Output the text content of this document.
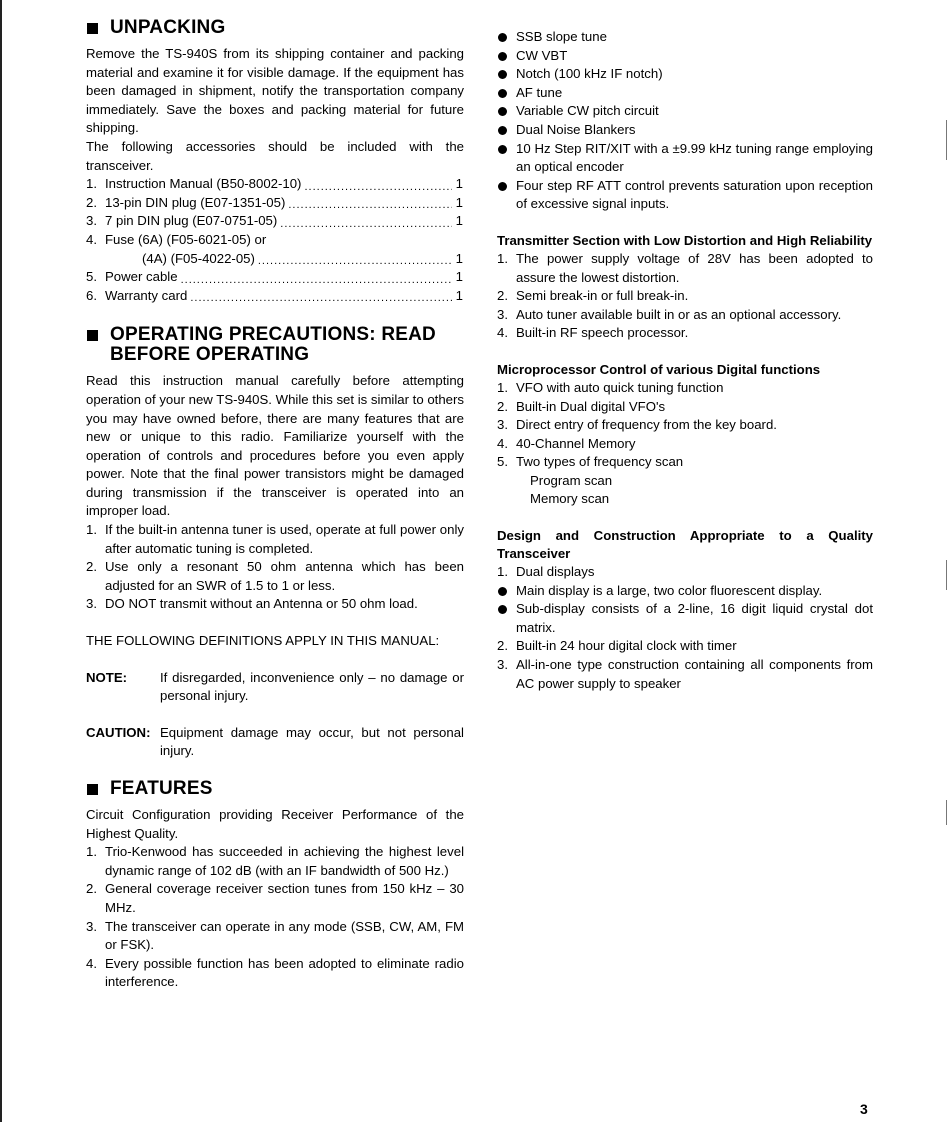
UNPACKING

Remove the TS-940S from its shipping container and packing material and examine it for visible damage. If the equipment has been damaged in shipment, notify the transportation company immediately. Save the boxes and packing material for future shipping.

The following accessories should be included with the transceiver.

1. Instruction Manual (B50-8002-10) .....	1
2. 13-pin DIN plug (E07-1351-05) .....	1
3. 7 pin DIN plug (E07-0751-05) .....	1
4. Fuse (6A) (F05-6021-05) or
(4A) (F05-4022-05) .....	1
5. Power cable .....	1
6. Warranty card .....	1
OPERATING PRECAUTIONS: READ
BEFORE OPERATING

Read this instruction manual carefully before attempting operation of your new TS-940S. While this set is similar to others you may have owned before, there are many features that are new or unique to this radio. Familiarize yourself with the operation of controls and procedures before you even apply power. Note that the final power transistors might be damaged during transmission if the transceiver is operated into an improper load.

1. If the built-in antenna tuner is used, operate at full power only after automatic tuning is completed.
2. Use only a resonant 50 ohm antenna which has been adjusted for an SWR of 1.5 to 1 or less.
3. DO NOT transmit without an Antenna or 50 ohm load.

THE FOLLOWING DEFINITIONS APPLY IN THIS MANUAL:

NOTE:	If disregarded, inconvenience only – no damage or personal injury.
CAUTION: Equipment damage may occur, but not personal injury.
FEATURES

Circuit Configuration providing Receiver Performance of the Highest Quality.

1. Trio-Kenwood has succeeded in achieving the highest level dynamic range of 102 dB (with an IF bandwidth of 500 Hz.)
2. General coverage receiver section tunes from 150 kHz – 30 MHz.
3. The transceiver can operate in any mode (SSB, CW, AM, FM or FSK).
4. Every possible function has been adopted to eliminate radio interference.
SSB slope tune
CW VBT
Notch (100 kHz IF notch)
AF tune
Variable CW pitch circuit
Dual Noise Blankers
10 Hz Step RIT/XIT with a ±9.99 kHz tuning range employing an optical encoder
Four step RF ATT control prevents saturation upon reception of excessive signal inputs.
Transmitter Section with Low Distortion and High Reliability
1. The power supply voltage of 28V has been adopted to assure the lowest distortion.
2. Semi break-in or full break-in.
3. Auto tuner available built in or as an optional accessory.
4. Built-in RF speech processor.
Microprocessor Control of various Digital functions
1. VFO with auto quick tuning function
2. Built-in Dual digital VFO's
3. Direct entry of frequency from the key board.
4. 40-Channel Memory
5. Two types of frequency scan
Program scan
Memory scan
Design and Construction Appropriate to a Quality Transceiver
1. Dual displays
Main display is a large, two color fluorescent display.
Sub-display consists of a 2-line, 16 digit liquid crystal dot matrix.
2. Built-in 24 hour digital clock with timer
3. All-in-one type construction containing all components from AC power supply to speaker
3
